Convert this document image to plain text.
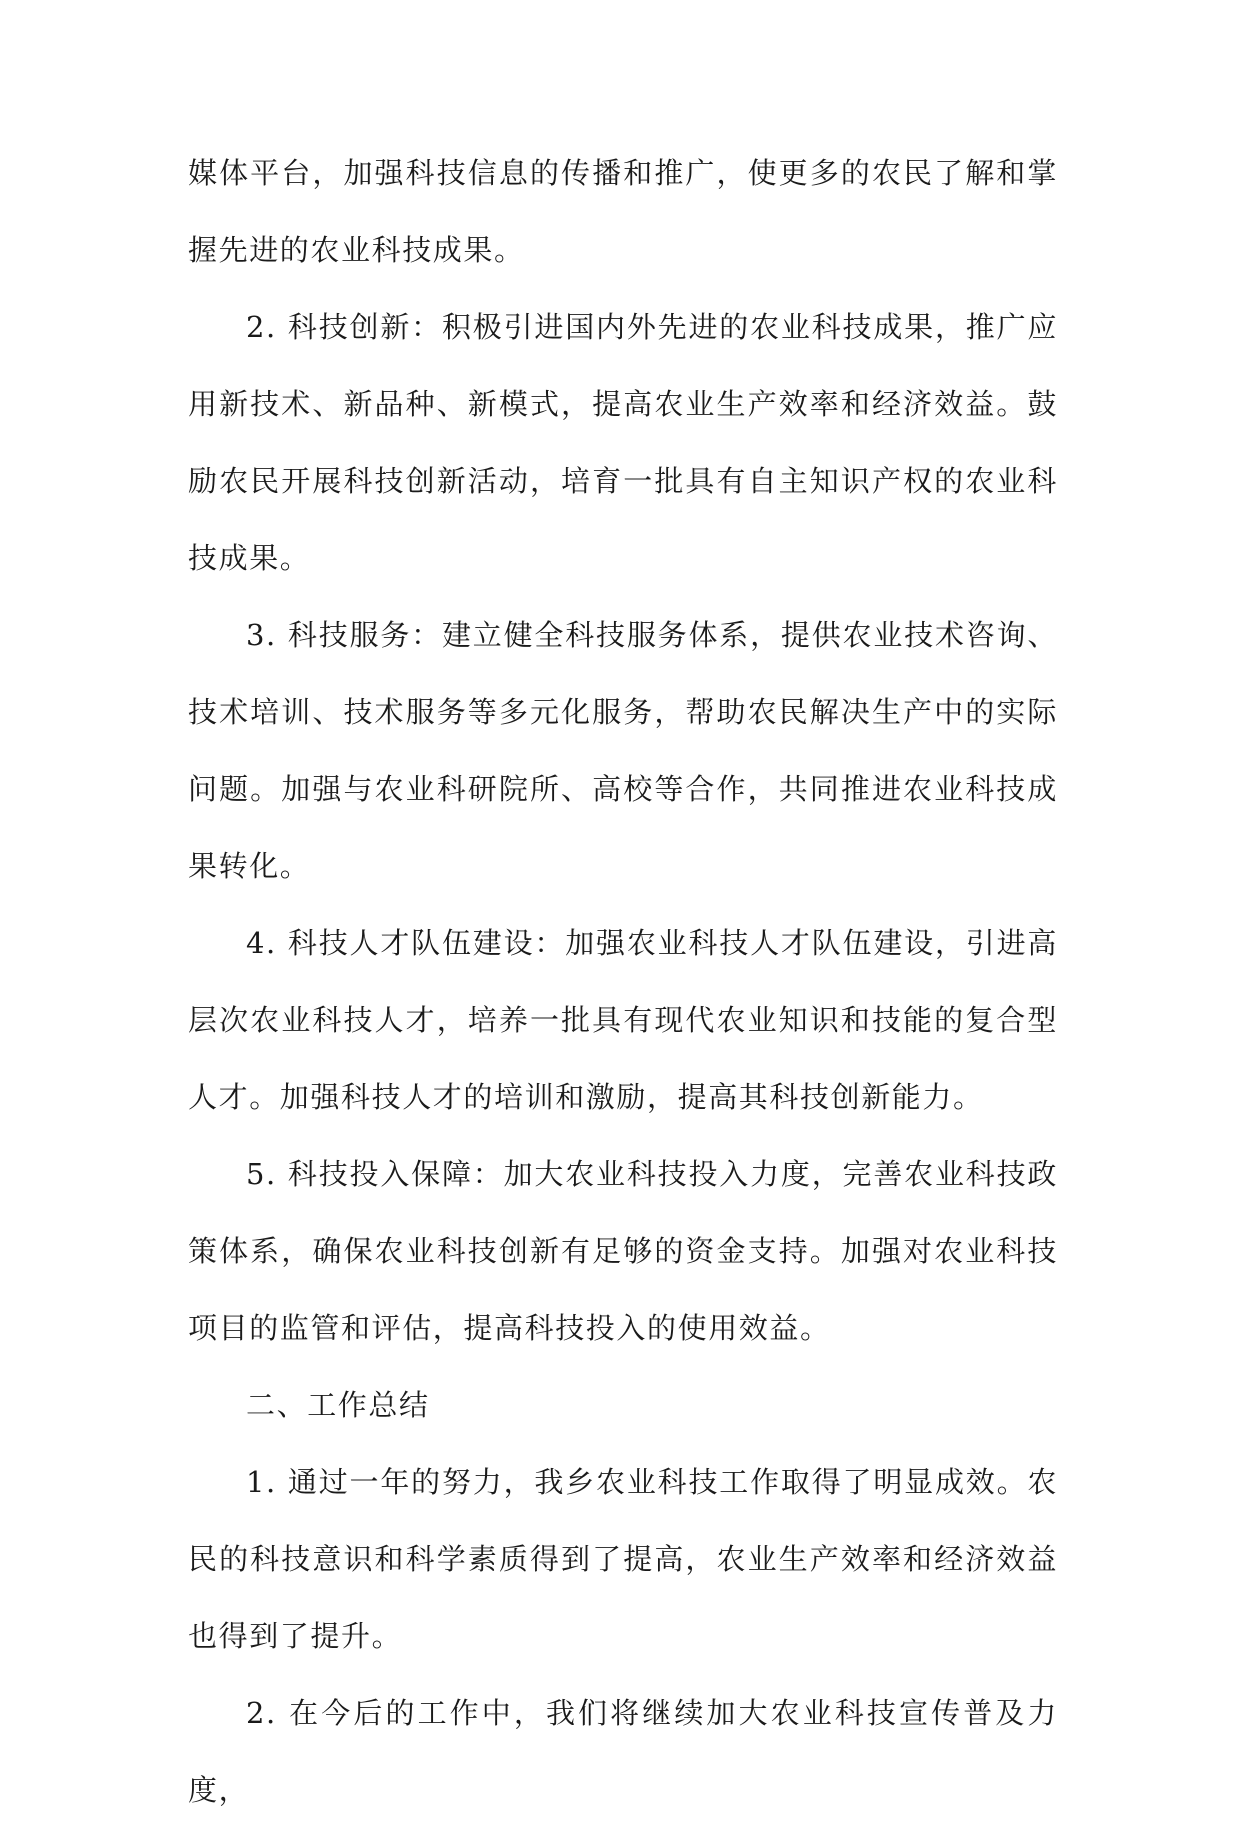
媒体平台，加强科技信息的传播和推广，使更多的农民了解和掌握先进的农业科技成果。

2. 科技创新：积极引进国内外先进的农业科技成果，推广应用新技术、新品种、新模式，提高农业生产效率和经济效益。鼓励农民开展科技创新活动，培育一批具有自主知识产权的农业科技成果。

3. 科技服务：建立健全科技服务体系，提供农业技术咨询、技术培训、技术服务等多元化服务，帮助农民解决生产中的实际问题。加强与农业科研院所、高校等合作，共同推进农业科技成果转化。

4. 科技人才队伍建设：加强农业科技人才队伍建设，引进高层次农业科技人才，培养一批具有现代农业知识和技能的复合型人才。加强科技人才的培训和激励，提高其科技创新能力。

5. 科技投入保障：加大农业科技投入力度，完善农业科技政策体系，确保农业科技创新有足够的资金支持。加强对农业科技项目的监管和评估，提高科技投入的使用效益。

二、工作总结

1. 通过一年的努力，我乡农业科技工作取得了明显成效。农民的科技意识和科学素质得到了提高，农业生产效率和经济效益也得到了提升。

2. 在今后的工作中，我们将继续加大农业科技宣传普及力度，
